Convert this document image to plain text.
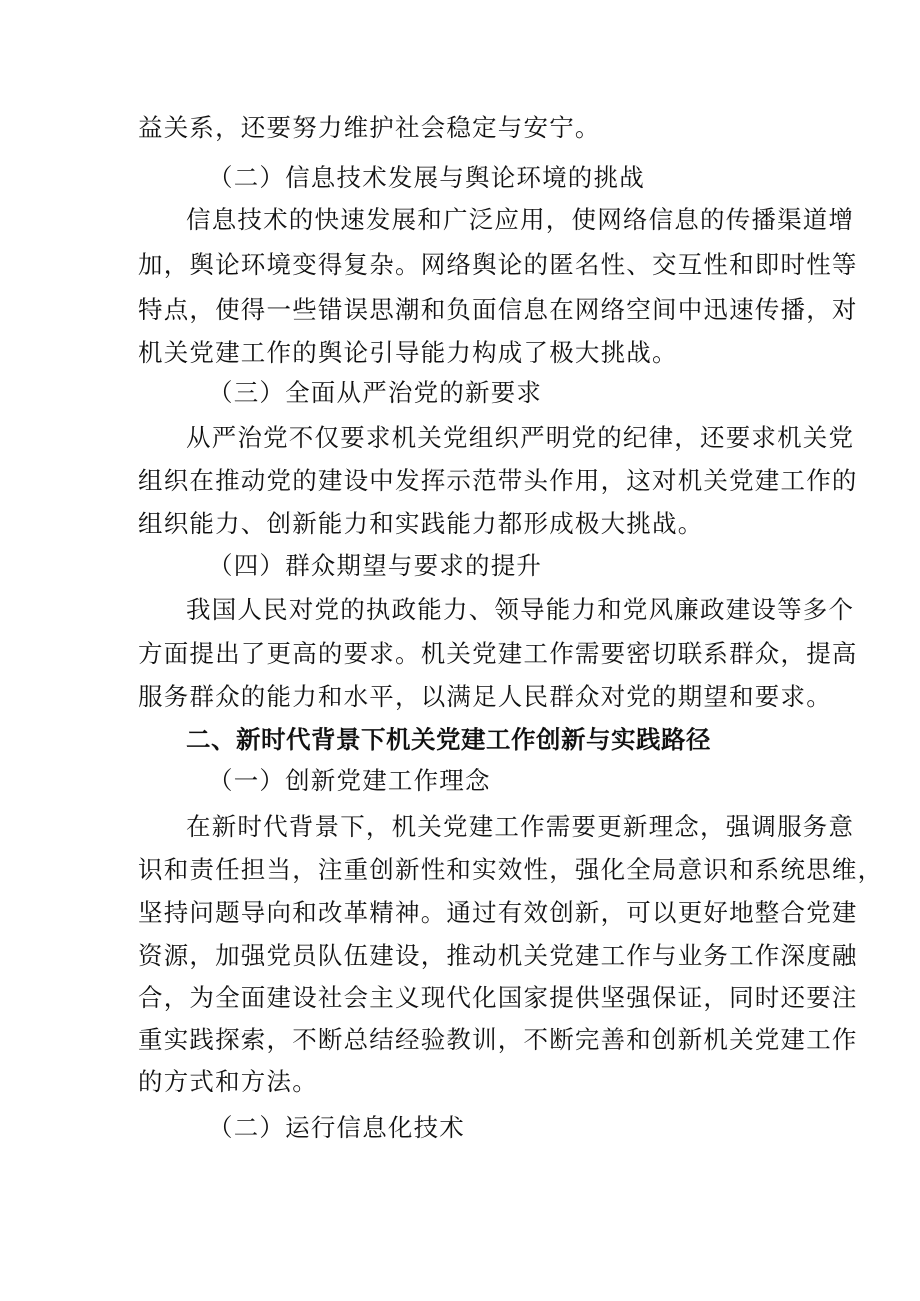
益关系，还要努力维护社会稳定与安宁。
（二）信息技术发展与舆论环境的挑战
信息技术的快速发展和广泛应用，使网络信息的传播渠道增
加，舆论环境变得复杂。网络舆论的匿名性、交互性和即时性等
特点，使得一些错误思潮和负面信息在网络空间中迅速传播，对
机关党建工作的舆论引导能力构成了极大挑战。
（三）全面从严治党的新要求
从严治党不仅要求机关党组织严明党的纪律，还要求机关党
组织在推动党的建设中发挥示范带头作用，这对机关党建工作的
组织能力、创新能力和实践能力都形成极大挑战。
（四）群众期望与要求的提升
我国人民对党的执政能力、领导能力和党风廉政建设等多个
方面提出了更高的要求。机关党建工作需要密切联系群众，提高
服务群众的能力和水平，以满足人民群众对党的期望和要求。
二、新时代背景下机关党建工作创新与实践路径
（一）创新党建工作理念
在新时代背景下，机关党建工作需要更新理念，强调服务意
识和责任担当，注重创新性和实效性，强化全局意识和系统思维，
坚持问题导向和改革精神。通过有效创新，可以更好地整合党建
资源，加强党员队伍建设，推动机关党建工作与业务工作深度融
合，为全面建设社会主义现代化国家提供坚强保证，同时还要注
重实践探索，不断总结经验教训，不断完善和创新机关党建工作
的方式和方法。
（二）运行信息化技术
